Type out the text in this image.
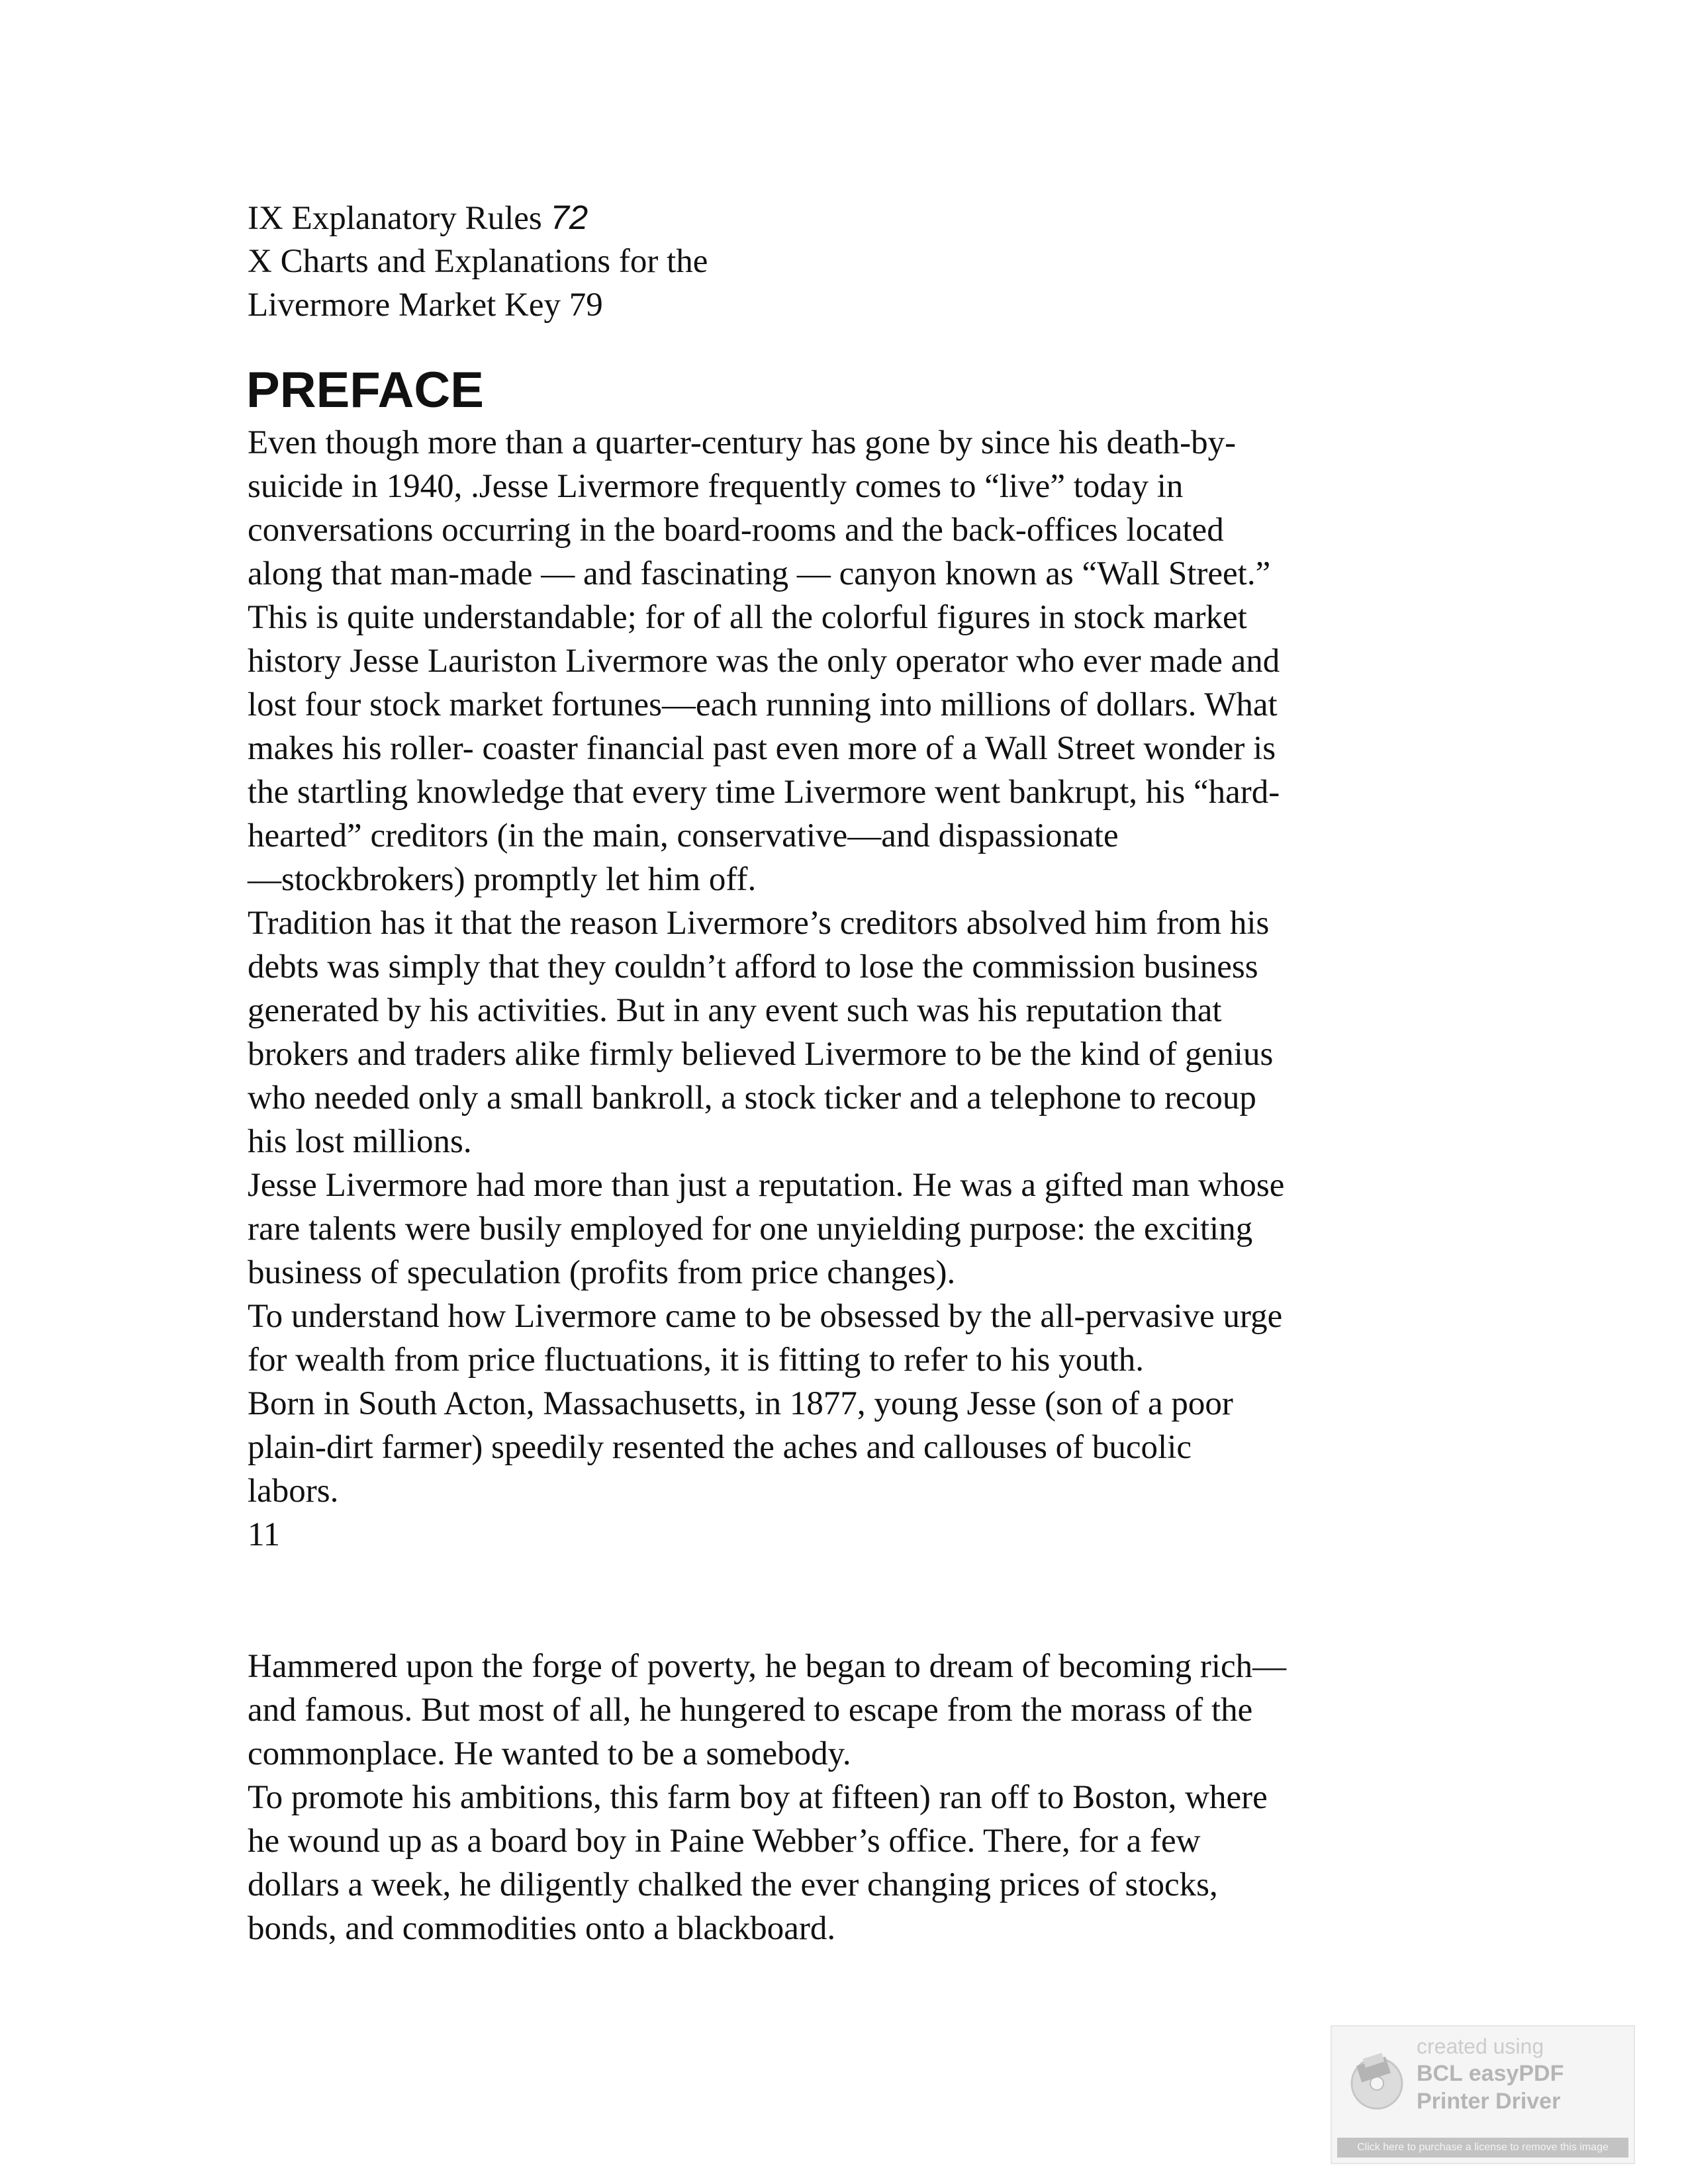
IX Explanatory Rules 72
X Charts and Explanations for the
Livermore Market Key 79
PREFACE
Even though more than a quarter-century has gone by since his death-by-
suicide in 1940, .Jesse Livermore frequently comes to “live” today in
conversations occurring in the board-rooms and the back-offices located
along that man-made — and fascinating — canyon known as “Wall Street.”
This is quite understandable; for of all the colorful figures in stock market
history Jesse Lauriston Livermore was the only operator who ever made and
lost four stock market fortunes—each running into millions of dollars. What
makes his roller- coaster financial past even more of a Wall Street wonder is
the startling knowledge that every time Livermore went bankrupt, his “hard-
hearted” creditors (in the main, conservative—and dispassionate
—stockbrokers) promptly let him off.
Tradition has it that the reason Livermore’s creditors absolved him from his
debts was simply that they couldn’t afford to lose the commission business
generated by his activities. But in any event such was his reputation that
brokers and traders alike firmly believed Livermore to be the kind of genius
who needed only a small bankroll, a stock ticker and a telephone to recoup
his lost millions.
Jesse Livermore had more than just a reputation. He was a gifted man whose
rare talents were busily employed for one unyielding purpose: the exciting
business of speculation (profits from price changes).
To understand how Livermore came to be obsessed by the all-pervasive urge
for wealth from price fluctuations, it is fitting to refer to his youth.
Born in South Acton, Massachusetts, in 1877, young Jesse (son of a poor
plain-dirt farmer) speedily resented the aches and callouses of bucolic
labors.
11
Hammered upon the forge of poverty, he began to dream of becoming rich—
and famous. But most of all, he hungered to escape from the morass of the
commonplace. He wanted to be a somebody.
To promote his ambitions, this farm boy at fifteen) ran off to Boston, where
he wound up as a board boy in Paine Webber’s office. There, for a few
dollars a week, he diligently chalked the ever changing prices of stocks,
bonds, and commodities onto a blackboard.
created using
BCL easyPDF
Printer Driver
Click here to purchase a license to remove this image
